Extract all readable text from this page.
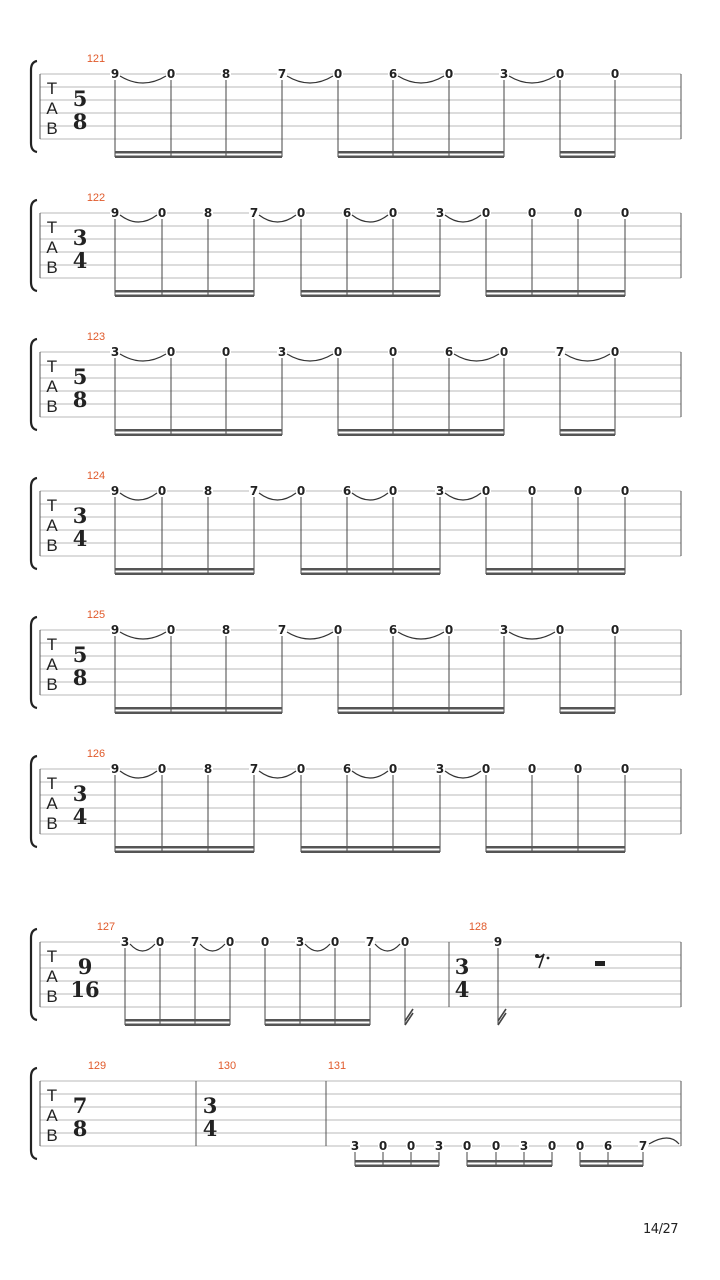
T
A
B
121
5
8
9	0	8	7	0	6	0	3	0	0
T
A
B
122
3
4
9	0	8	7	0	6	0	3	0	0	0	0
T
A
B
123
5
8
3	0	0	3	0	0	6	0	7	0
T
A
B
124
3
4
9	0	8	7	0	6	0	3	0	0	0	0
T
A
B
125
5
8
9	0	8	7	0	6	0	3	0	0
T
A
B
126
3
4
9	0	8	7	0	6	0	3	0	0	0	0
T
A
B
127
9
16
3 0 7 0 0 3 0 7 0
128
3
4
9
T
A
B
129
7
8
130
3
4
131
3 0 0 3 0 0 3 0 0 6 7
14/27
